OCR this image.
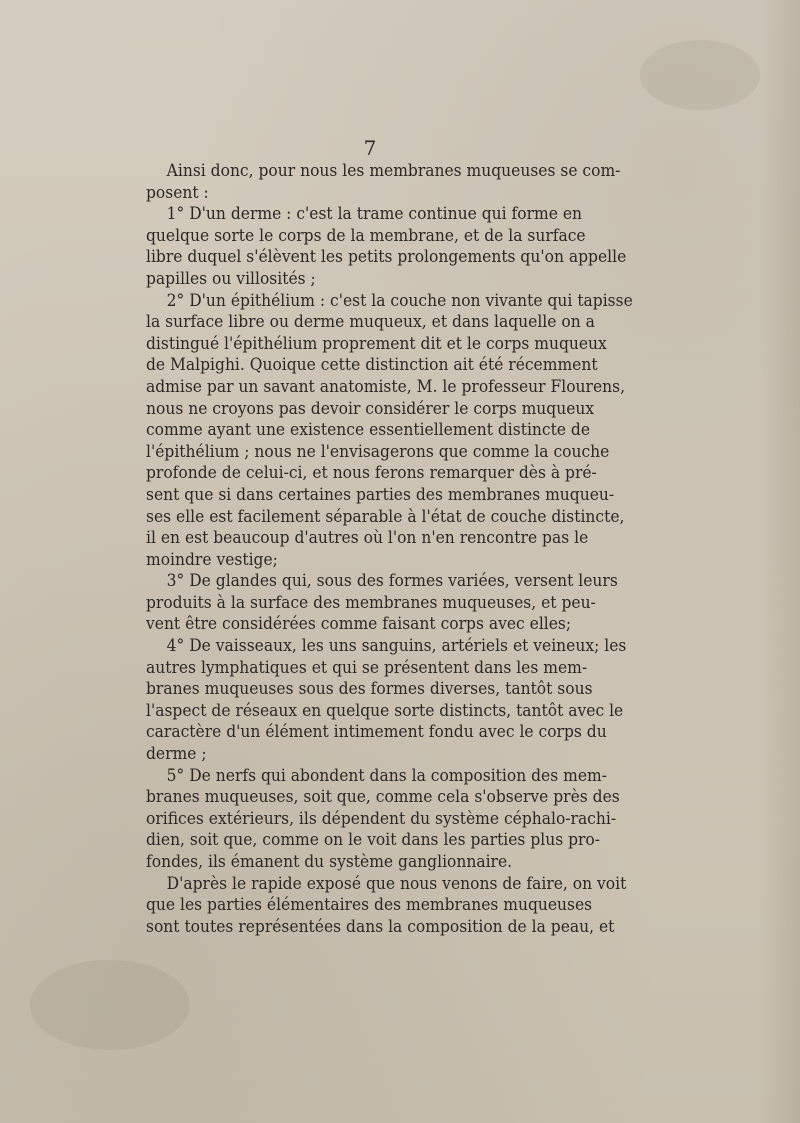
7
Ainsi donc, pour nous les membranes muqueuses se com-
posent :
1° D'un derme : c'est la trame continue qui forme en
quelque sorte le corps de la membrane, et de la surface
libre duquel s'élèvent les petits prolongements qu'on appelle
papilles ou villosités ;
2° D'un épithélium : c'est la couche non vivante qui tapisse
la surface libre ou derme muqueux, et dans laquelle on a
distingué l'épithélium proprement dit et le corps muqueux
de Malpighi. Quoique cette distinction ait été récemment
admise par un savant anatomiste, M. le professeur Flourens,
nous ne croyons pas devoir considérer le corps muqueux
comme ayant une existence essentiellement distincte de
l'épithélium ; nous ne l'envisagerons que comme la couche
profonde de celui-ci, et nous ferons remarquer dès à pré-
sent que si dans certaines parties des membranes muqueu-
ses elle est facilement séparable à l'état de couche distincte,
il en est beaucoup d'autres où l'on n'en rencontre pas le
moindre vestige;
3° De glandes qui, sous des formes variées, versent leurs
produits à la surface des membranes muqueuses, et peu-
vent être considérées comme faisant corps avec elles;
4° De vaisseaux, les uns sanguins, artériels et veineux; les
autres lymphatiques et qui se présentent dans les mem-
branes muqueuses sous des formes diverses, tantôt sous
l'aspect de réseaux en quelque sorte distincts, tantôt avec le
caractère d'un élément intimement fondu avec le corps du
derme ;
5° De nerfs qui abondent dans la composition des mem-
branes muqueuses, soit que, comme cela s'observe près des
orifices extérieurs, ils dépendent du système céphalo-rachi-
dien, soit que, comme on le voit dans les parties plus pro-
fondes, ils émanent du système ganglionnaire.
D'après le rapide exposé que nous venons de faire, on voit
que les parties élémentaires des membranes muqueuses
sont toutes représentées dans la composition de la peau, et
